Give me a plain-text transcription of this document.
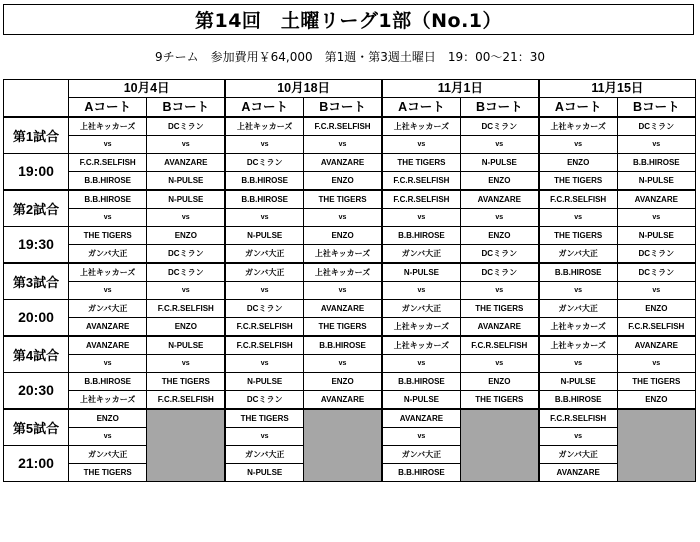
第14回　土曜リーグ1部（No.1）
9チーム　参加費用￥64,000　第1週・第3週土曜日　19：00～21：30
	10月4日		10月18日		11月1日		11月15日	
	Aコート	Bコート	Aコート	Bコート	Aコート	Bコート	Aコート	Bコート
第1試合	上社キッカーズ	DCミラン	上社キッカーズ	F.C.R.SELFISH	上社キッカーズ	DCミラン	上社キッカーズ	DCミラン
	vs	vs	vs	vs	vs	vs	vs	vs
19:00	F.C.R.SELFISH	AVANZARE	DCミラン	AVANZARE	THE TIGERS	N-PULSE	ENZO	B.B.HIROSE
	B.B.HIROSE	N-PULSE	B.B.HIROSE	ENZO	F.C.R.SELFISH	ENZO	THE TIGERS	N-PULSE
第2試合	B.B.HIROSE	N-PULSE	B.B.HIROSE	THE TIGERS	F.C.R.SELFISH	AVANZARE	F.C.R.SELFISH	AVANZARE
	vs	vs	vs	vs	vs	vs	vs	vs
19:30	THE TIGERS	ENZO	N-PULSE	ENZO	B.B.HIROSE	ENZO	THE TIGERS	N-PULSE
	ガンバ大正	DCミラン	ガンバ大正	上社キッカーズ	ガンバ大正	DCミラン	ガンバ大正	DCミラン
第3試合	上社キッカーズ	DCミラン	ガンバ大正	上社キッカーズ	N-PULSE	DCミラン	B.B.HIROSE	DCミラン
	vs	vs	vs	vs	vs	vs	vs	vs
20:00	ガンバ大正	F.C.R.SELFISH	DCミラン	AVANZARE	ガンバ大正	THE TIGERS	ガンバ大正	ENZO
	AVANZARE	ENZO	F.C.R.SELFISH	THE TIGERS	上社キッカーズ	AVANZARE	上社キッカーズ	F.C.R.SELFISH
第4試合	AVANZARE	N-PULSE	F.C.R.SELFISH	B.B.HIROSE	上社キッカーズ	F.C.R.SELFISH	上社キッカーズ	AVANZARE
	vs	vs	vs	vs	vs	vs	vs	vs
20:30	B.B.HIROSE	THE TIGERS	N-PULSE	ENZO	B.B.HIROSE	ENZO	N-PULSE	THE TIGERS
	上社キッカーズ	F.C.R.SELFISH	DCミラン	AVANZARE	N-PULSE	THE TIGERS	B.B.HIROSE	ENZO
第5試合	ENZO		THE TIGERS		AVANZARE		F.C.R.SELFISH	
	vs		vs		vs		vs	
21:00	ガンバ大正		ガンバ大正		ガンバ大正		ガンバ大正	
	THE TIGERS		N-PULSE		B.B.HIROSE		AVANZARE	
